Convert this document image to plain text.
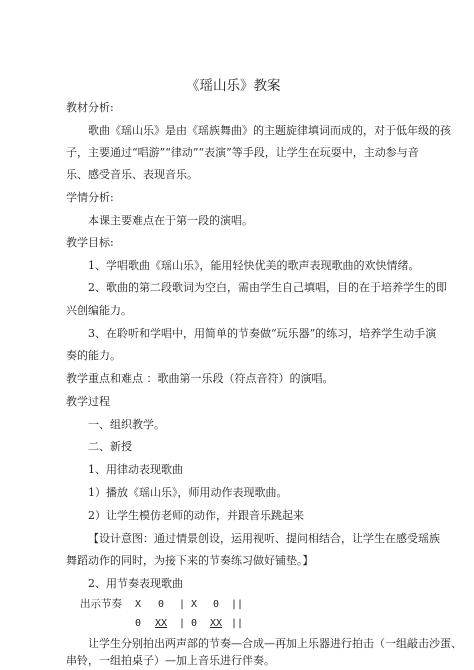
《瑶山乐》教案
教材分析:
歌曲《瑶山乐》是由《瑶族舞曲》的主题旋律填词而成的，对于低年级的孩
子，主要通过“唱游”“律动”“表演”等手段，让学生在玩耍中，主动参与音
乐、感受音乐、表现音乐。
学情分析:
本课主要难点在于第一段的演唱。
教学目标:
1、学唱歌曲《瑶山乐》，能用轻快优美的歌声表现歌曲的欢快情绪。
2、歌曲的第二段歌词为空白，需由学生自己填唱，目的在于培养学生的即
兴创编能力。
3、在聆听和学唱中，用简单的节奏做“玩乐器”的练习，培养学生动手演
奏的能力。
教学重点和难点 ：歌曲第一乐段（符点音符）的演唱。
教学过程
一、组织教学。
二、新授
1、用律动表现歌曲
1）播放《瑶山乐》，师用动作表现歌曲。
2）让学生模仿老师的动作，并跟音乐跳起来
【设计意图：通过情景创设，运用视听、提问相结合，让学生在感受瑶族
舞蹈动作的同时，为接下来的节奏练习做好铺垫。】
2、用节奏表现歌曲
出示节奏 X 0 | X 0 ||
0 XX | 0 XX ||
让学生分别拍出两声部的节奏—合成—再加上乐器进行拍击（一组敲击沙蛋、
串铃，一组拍桌子）—加上音乐进行伴奏。
